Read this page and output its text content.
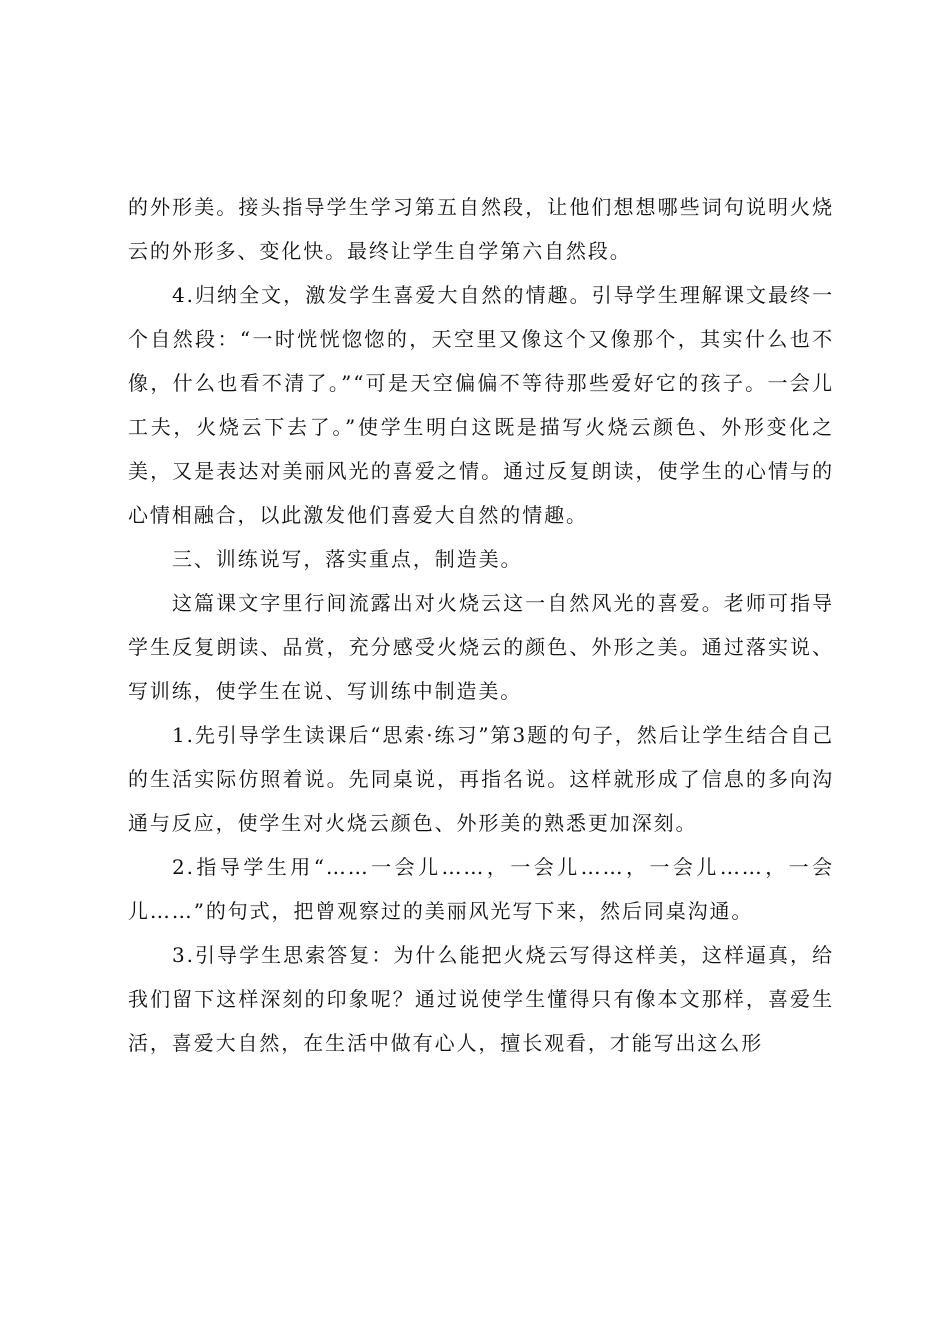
的外形美。接头指导学生学习第五自然段，让他们想想哪些词句说明火烧云的外形多、变化快。最终让学生自学第六自然段。

4.归纳全文，激发学生喜爱大自然的情趣。引导学生理解课文最终一个自然段：“一时恍恍惚惚的，天空里又像这个又像那个，其实什么也不像，什么也看不清了。”“可是天空偏偏不等待那些爱好它的孩子。一会儿工夫，火烧云下去了。”使学生明白这既是描写火烧云颜色、外形变化之美，又是表达对美丽风光的喜爱之情。通过反复朗读，使学生的心情与的心情相融合，以此激发他们喜爱大自然的情趣。

三、训练说写，落实重点，制造美。

这篇课文字里行间流露出对火烧云这一自然风光的喜爱。老师可指导学生反复朗读、品赏，充分感受火烧云的颜色、外形之美。通过落实说、写训练，使学生在说、写训练中制造美。

1.先引导学生读课后“思索·练习”第3题的句子，然后让学生结合自己的生活实际仿照着说。先同桌说，再指名说。这样就形成了信息的多向沟通与反应，使学生对火烧云颜色、外形美的熟悉更加深刻。

2.指导学生用“……一会儿……，一会儿……，一会儿……，一会儿……”的句式，把曾观察过的美丽风光写下来，然后同桌沟通。

3.引导学生思索答复：为什么能把火烧云写得这样美，这样逼真，给我们留下这样深刻的印象呢？通过说使学生懂得只有像本文那样，喜爱生活，喜爱大自然，在生活中做有心人，擅长观看，才能写出这么形
